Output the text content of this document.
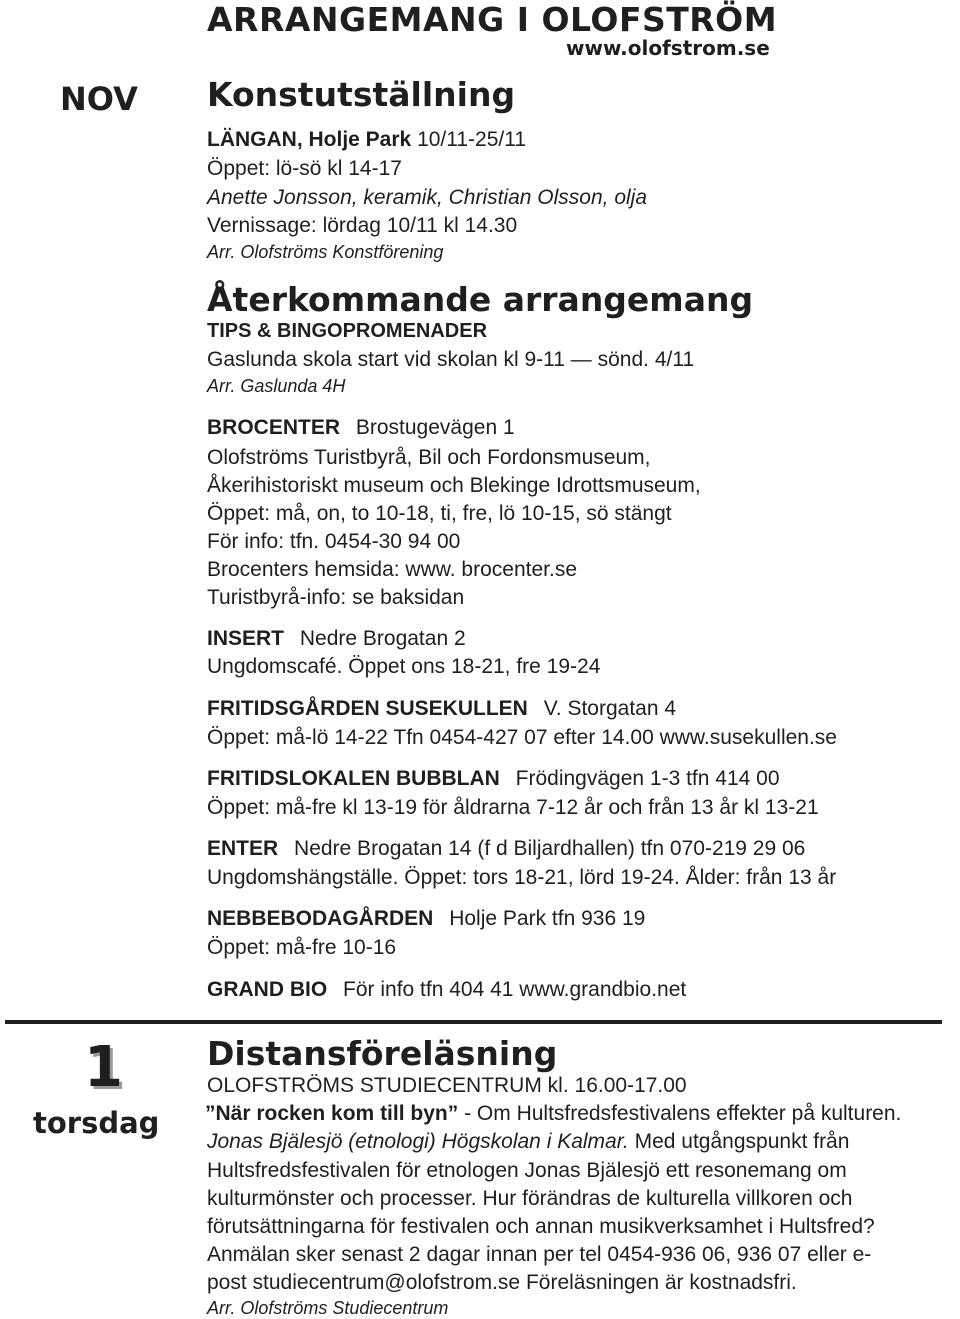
ARRANGEMANG I OLOFSTRÖM
www.olofstrom.se
NOV Konstutställning
LÄNGAN, Holje Park 10/11-25/11
Öppet: lö-sö kl 14-17
Anette Jonsson, keramik, Christian Olsson, olja
Vernissage: lördag 10/11 kl 14.30
Arr. Olofströms Konstförening
Återkommande arrangemang
TIPS & BINGOPROMENADER
Gaslunda skola start vid skolan kl 9-11 — sönd. 4/11
Arr. Gaslunda 4H
BROCENTER Brostugevägen 1
Olofströms Turistbyrå, Bil och Fordonsmuseum,
Åkerihistoriskt museum och Blekinge Idrottsmuseum,
Öppet: må, on, to 10-18, ti, fre, lö 10-15, sö stängt
För info: tfn. 0454-30 94 00
Brocenters hemsida: www. brocenter.se
Turistbyrå-info: se baksidan
INSERT Nedre Brogatan 2
Ungdomscafé. Öppet ons 18-21, fre 19-24
FRITIDSGÅRDEN SUSEKULLEN V. Storgatan 4
Öppet: må-lö 14-22 Tfn 0454-427 07 efter 14.00 www.susekullen.se
FRITIDSLOKALEN BUBBLAN Frödingvägen 1-3 tfn 414 00
Öppet: må-fre kl 13-19 för åldrarna 7-12 år och från 13 år kl 13-21
ENTER Nedre Brogatan 14 (f d Biljardhallen) tfn 070-219 29 06
Ungdomshängställe. Öppet: tors 18-21, lörd 19-24. Ålder: från 13 år
NEBBEBODAGÅRDEN Holje Park tfn 936 19
Öppet: må-fre 10-16
GRAND BIO För info tfn 404 41 www.grandbio.net
1
torsdag
Distansföreläsning
OLOFSTRÖMS STUDIECENTRUM kl. 16.00-17.00
”När rocken kom till byn” - Om Hultsfredsfestivalens effekter på kulturen.
Jonas Bjälesjö (etnologi) Högskolan i Kalmar. Med utgångspunkt från
Hultsfredsfestivalen för etnologen Jonas Bjälesjö ett resonemang om
kulturmönster och processer. Hur förändras de kulturella villkoren och
förutsättningarna för festivalen och annan musikverksamhet i Hultsfred?
Anmälan sker senast 2 dagar innan per tel 0454-936 06, 936 07 eller e-
post studiecentrum@olofstrom.se Föreläsningen är kostnadsfri.
Arr. Olofströms Studiecentrum
